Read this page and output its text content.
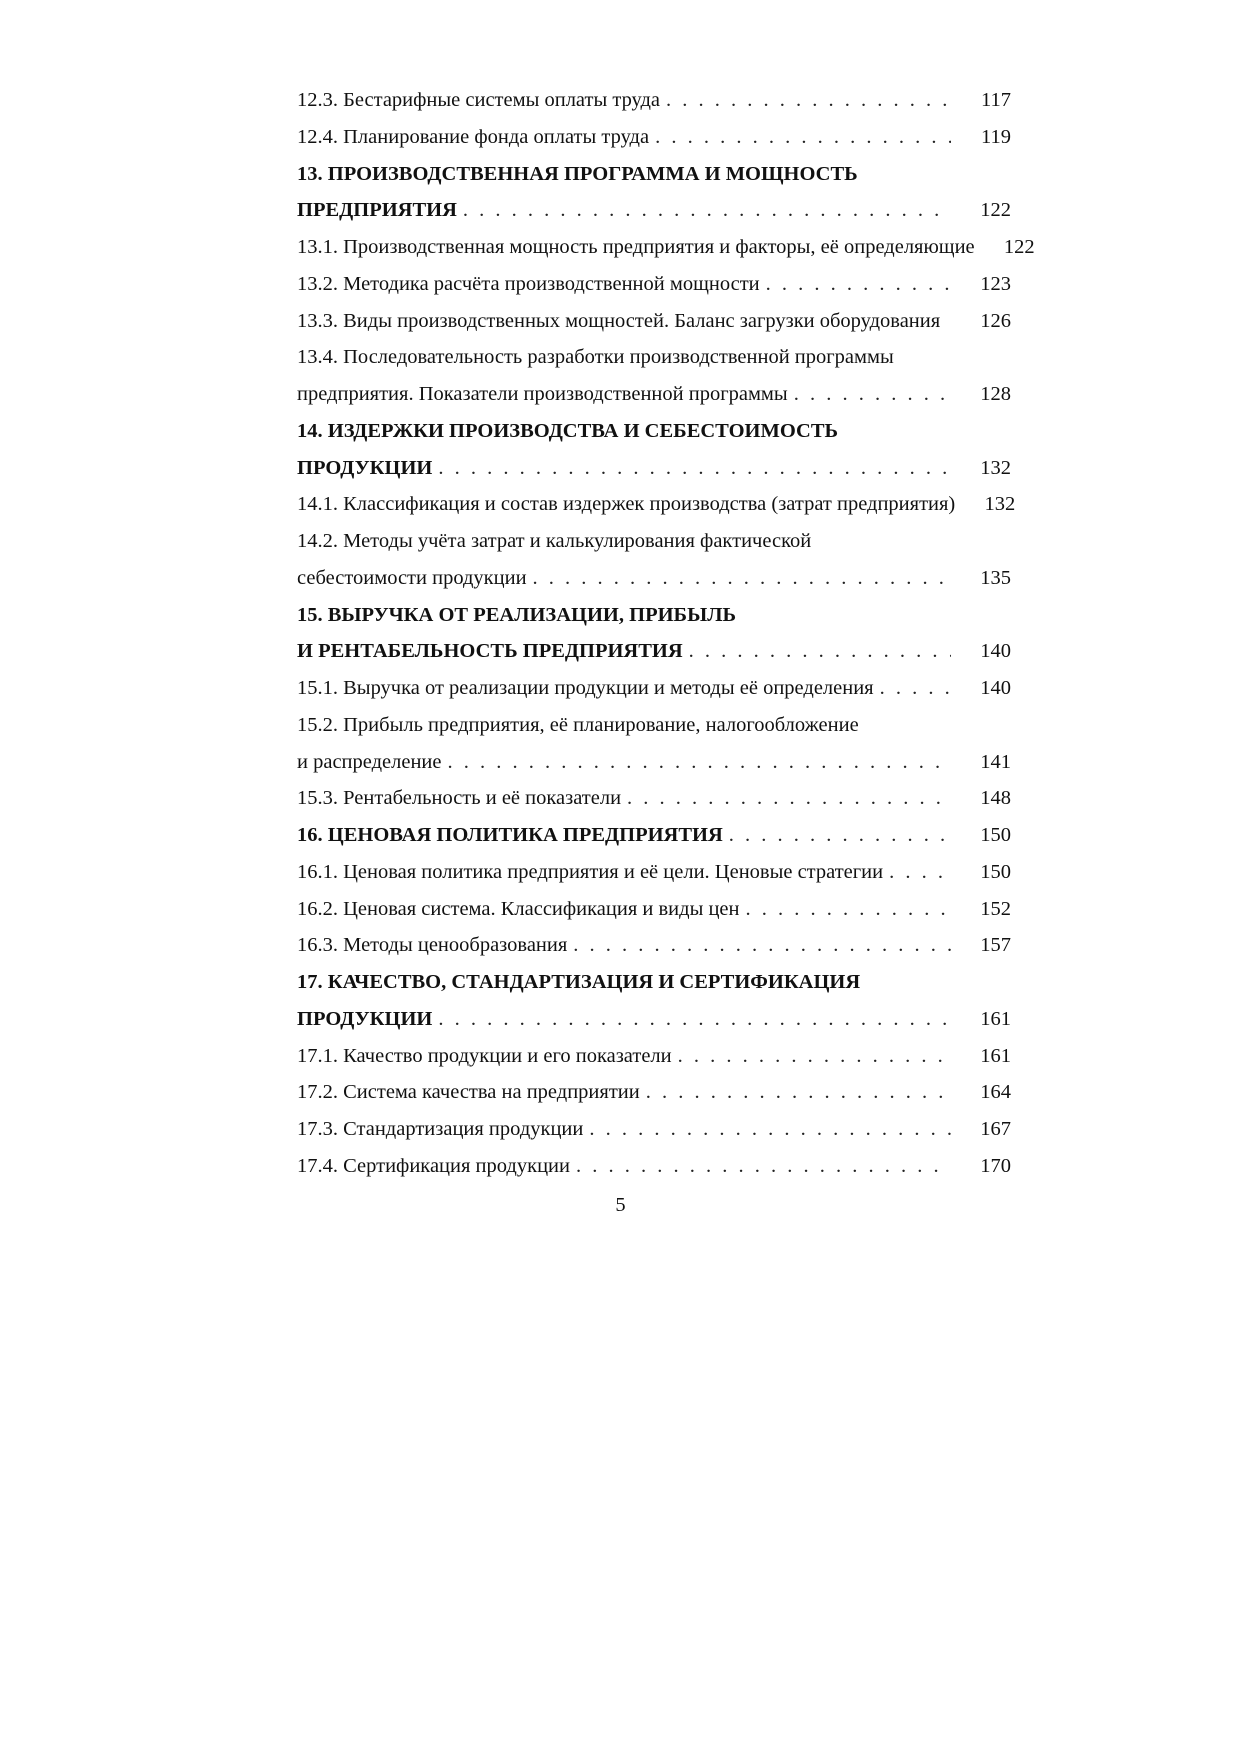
12.3. Бестарифные системы оплаты труда . . .	117
12.4. Планирование фонда оплаты труда . . .	119
13. ПРОИЗВОДСТВЕННАЯ ПРОГРАММА И МОЩНОСТЬ
ПРЕДПРИЯТИЯ . . .	122
13.1. Производственная мощность предприятия и факторы, её определяющие	122
13.2. Методика расчёта производственной мощности . . .	123
13.3. Виды производственных мощностей. Баланс загрузки оборудования	126
13.4. Последовательность разработки производственной программы
предприятия. Показатели производственной программы . . .	128
14. ИЗДЕРЖКИ ПРОИЗВОДСТВА И СЕБЕСТОИМОСТЬ
ПРОДУКЦИИ . . .	132
14.1. Классификация и состав издержек производства (затрат предприятия)	132
14.2. Методы учёта затрат и калькулирования фактической
себестоимости продукции . . .	135
15. ВЫРУЧКА ОТ РЕАЛИЗАЦИИ, ПРИБЫЛЬ
И РЕНТАБЕЛЬНОСТЬ ПРЕДПРИЯТИЯ . . .	140
15.1. Выручка от реализации продукции и методы её определения . . .	140
15.2. Прибыль предприятия, её планирование, налогообложение
и распределение . . .	141
15.3. Рентабельность и её показатели . . .	148
16. ЦЕНОВАЯ ПОЛИТИКА ПРЕДПРИЯТИЯ . . .	150
16.1. Ценовая политика предприятия и её цели. Ценовые стратегии . . .	150
16.2. Ценовая система. Классификация и виды цен . . .	152
16.3. Методы ценообразования . . .	157
17. КАЧЕСТВО, СТАНДАРТИЗАЦИЯ И СЕРТИФИКАЦИЯ
ПРОДУКЦИИ . . .	161
17.1. Качество продукции и его показатели . . .	161
17.2. Система качества на предприятии . . .	164
17.3. Стандартизация продукции . . .	167
17.4. Сертификация продукции . . .	170
5
